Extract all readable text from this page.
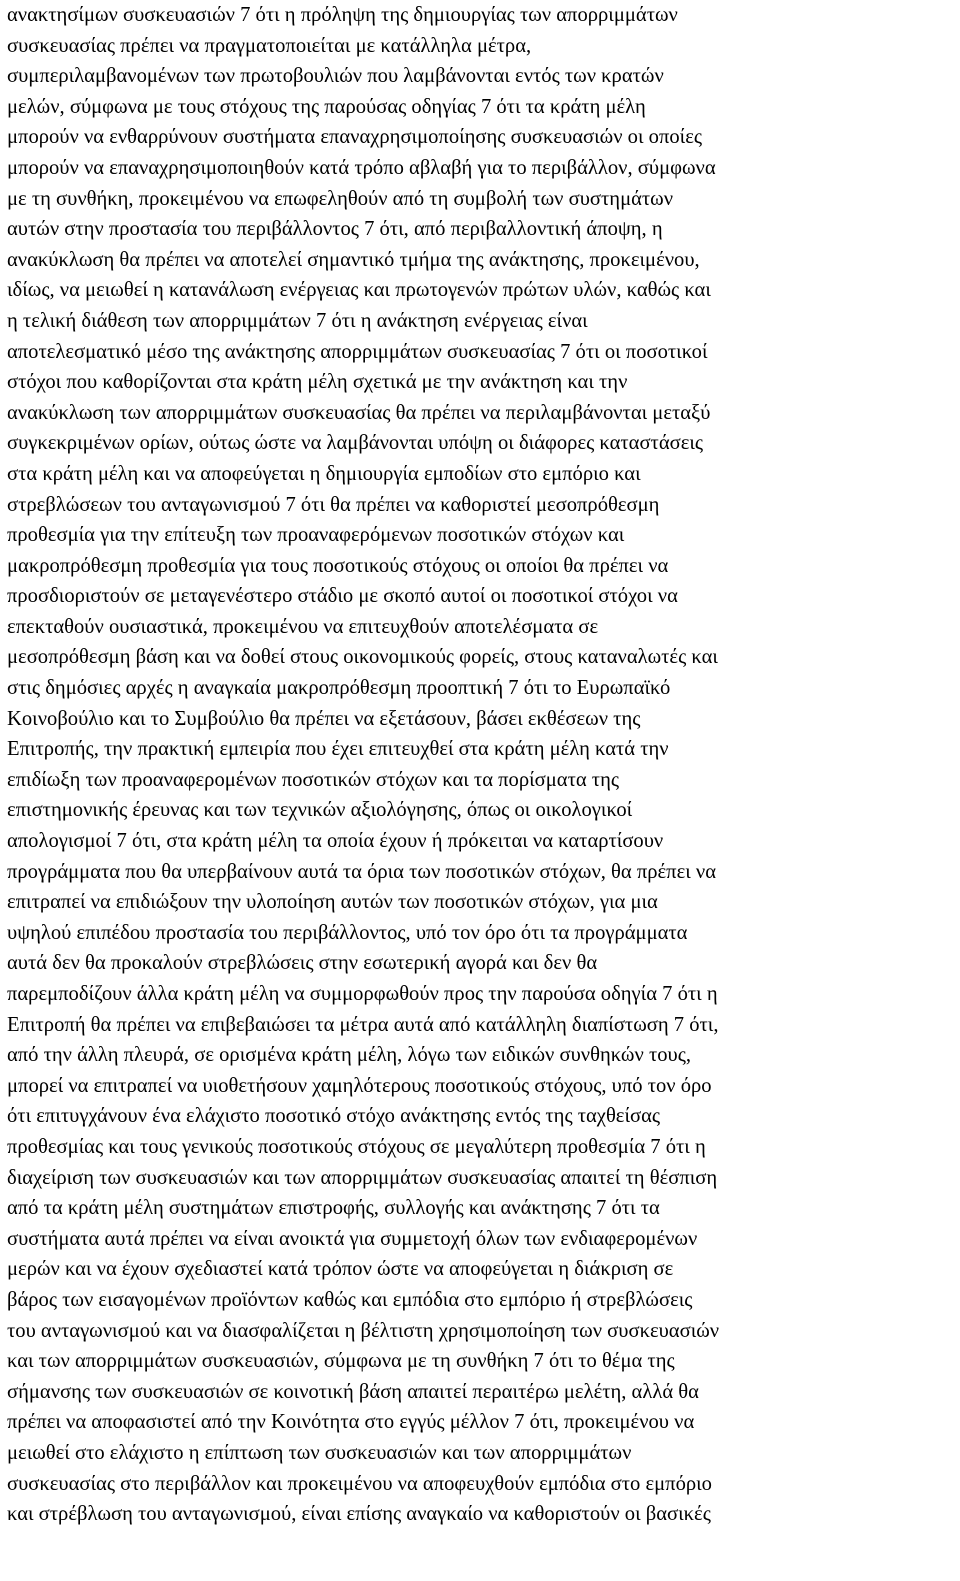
ανακτησίμων συσκευασιών 7 ότι η πρόληψη της δημιουργίας των απορριμμάτων
συσκευασίας πρέπει να πραγματοποιείται με κατάλληλα μέτρα,
συμπεριλαμβανομένων των πρωτοβουλιών που λαμβάνονται εντός των κρατών
μελών, σύμφωνα με τους στόχους της παρούσας οδηγίας 7 ότι τα κράτη μέλη
μπορούν να ενθαρρύνουν συστήματα επαναχρησιμοποίησης συσκευασιών οι οποίες
μπορούν να επαναχρησιμοποιηθούν κατά τρόπο αβλαβή για το περιβάλλον, σύμφωνα
με τη συνθήκη, προκειμένου να επωφεληθούν από τη συμβολή των συστημάτων
αυτών στην προστασία του περιβάλλοντος 7 ότι, από περιβαλλοντική άποψη, η
ανακύκλωση θα πρέπει να αποτελεί σημαντικό τμήμα της ανάκτησης, προκειμένου,
ιδίως, να μειωθεί η κατανάλωση ενέργειας και πρωτογενών πρώτων υλών, καθώς και
η τελική διάθεση των απορριμμάτων 7 ότι η ανάκτηση ενέργειας είναι
αποτελεσματικό μέσο της ανάκτησης απορριμμάτων συσκευασίας 7 ότι οι ποσοτικοί
στόχοι που καθορίζονται στα κράτη μέλη σχετικά με την ανάκτηση και την
ανακύκλωση των απορριμμάτων συσκευασίας θα πρέπει να περιλαμβάνονται μεταξύ
συγκεκριμένων ορίων, ούτως ώστε να λαμβάνονται υπόψη οι διάφορες καταστάσεις
στα κράτη μέλη και να αποφεύγεται η δημιουργία εμποδίων στο εμπόριο και
στρεβλώσεων του ανταγωνισμού 7 ότι θα πρέπει να καθοριστεί μεσοπρόθεσμη
προθεσμία για την επίτευξη των προαναφερόμενων ποσοτικών στόχων και
μακροπρόθεσμη προθεσμία για τους ποσοτικούς στόχους οι οποίοι θα πρέπει να
προσδιοριστούν σε μεταγενέστερο στάδιο με σκοπό αυτοί οι ποσοτικοί στόχοι να
επεκταθούν ουσιαστικά, προκειμένου να επιτευχθούν αποτελέσματα σε
μεσοπρόθεσμη βάση και να δοθεί στους οικονομικούς φορείς, στους καταναλωτές και
στις δημόσιες αρχές η αναγκαία μακροπρόθεσμη προοπτική 7 ότι το Ευρωπαϊκό
Κοινοβούλιο και το Συμβούλιο θα πρέπει να εξετάσουν, βάσει εκθέσεων της
Επιτροπής, την πρακτική εμπειρία που έχει επιτευχθεί στα κράτη μέλη κατά την
επιδίωξη των προαναφερομένων ποσοτικών στόχων και τα πορίσματα της
επιστημονικής έρευνας και των τεχνικών αξιολόγησης, όπως οι οικολογικοί
απολογισμοί 7 ότι, στα κράτη μέλη τα οποία έχουν ή πρόκειται να καταρτίσουν
προγράμματα που θα υπερβαίνουν αυτά τα όρια των ποσοτικών στόχων, θα πρέπει να
επιτραπεί να επιδιώξουν την υλοποίηση αυτών των ποσοτικών στόχων, για μια
υψηλού επιπέδου προστασία του περιβάλλοντος, υπό τον όρο ότι τα προγράμματα
αυτά δεν θα προκαλούν στρεβλώσεις στην εσωτερική αγορά και δεν θα
παρεμποδίζουν άλλα κράτη μέλη να συμμορφωθούν προς την παρούσα οδηγία 7 ότι η
Επιτροπή θα πρέπει να επιβεβαιώσει τα μέτρα αυτά από κατάλληλη διαπίστωση 7 ότι,
από την άλλη πλευρά, σε ορισμένα κράτη μέλη, λόγω των ειδικών συνθηκών τους,
μπορεί να επιτραπεί να υιοθετήσουν χαμηλότερους ποσοτικούς στόχους, υπό τον όρο
ότι επιτυγχάνουν ένα ελάχιστο ποσοτικό στόχο ανάκτησης εντός της ταχθείσας
προθεσμίας και τους γενικούς ποσοτικούς στόχους σε μεγαλύτερη προθεσμία 7 ότι η
διαχείριση των συσκευασιών και των απορριμμάτων συσκευασίας απαιτεί τη θέσπιση
από τα κράτη μέλη συστημάτων επιστροφής, συλλογής και ανάκτησης 7 ότι τα
συστήματα αυτά πρέπει να είναι ανοικτά για συμμετοχή όλων των ενδιαφερομένων
μερών και να έχουν σχεδιαστεί κατά τρόπον ώστε να αποφεύγεται η διάκριση σε
βάρος των εισαγομένων προϊόντων καθώς και εμπόδια στο εμπόριο ή στρεβλώσεις
του ανταγωνισμού και να διασφαλίζεται η βέλτιστη χρησιμοποίηση των συσκευασιών
και των απορριμμάτων συσκευασιών, σύμφωνα με τη συνθήκη 7 ότι το θέμα της
σήμανσης των συσκευασιών σε κοινοτική βάση απαιτεί περαιτέρω μελέτη, αλλά θα
πρέπει να αποφασιστεί από την Κοινότητα στο εγγύς μέλλον 7 ότι, προκειμένου να
μειωθεί στο ελάχιστο η επίπτωση των συσκευασιών και των απορριμμάτων
συσκευασίας στο περιβάλλον και προκειμένου να αποφευχθούν εμπόδια στο εμπόριο
και στρέβλωση του ανταγωνισμού, είναι επίσης αναγκαίο να καθοριστούν οι βασικές
